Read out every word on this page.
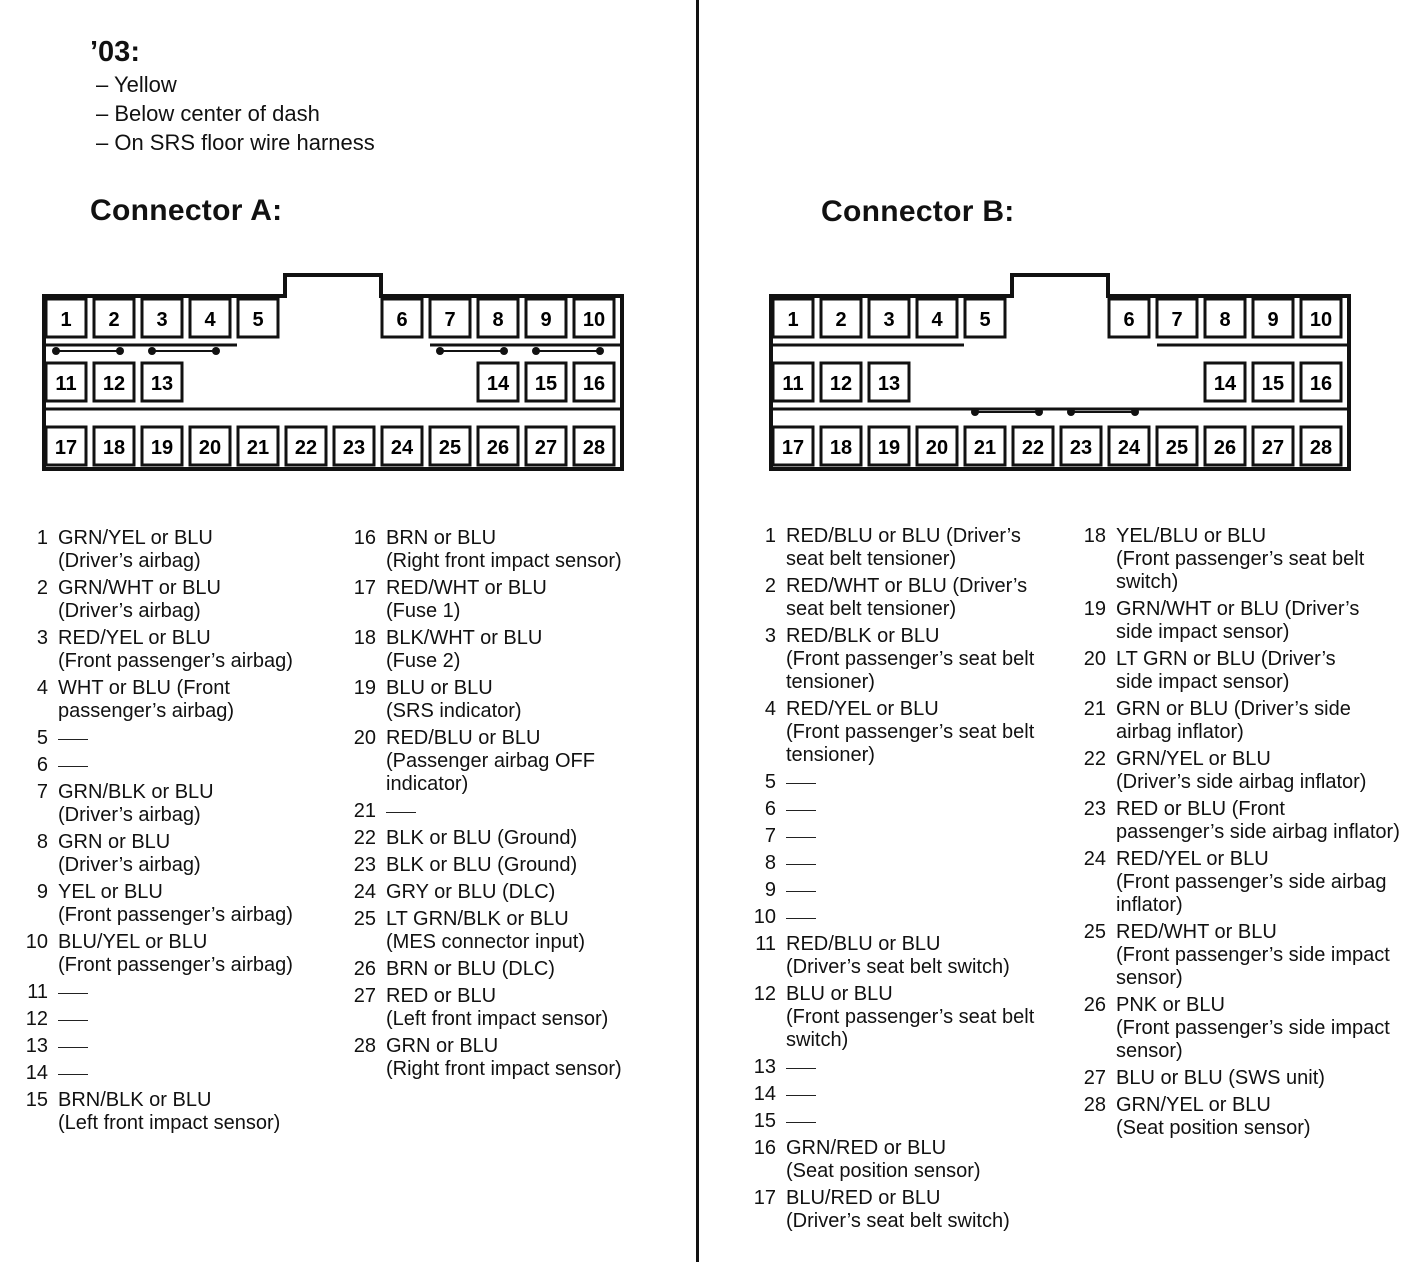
’03:
– Yellow
– Below center of dash
– On SRS floor wire harness
Connector A:	Connector B:
1 2 3 4 5	6 7 8 9 10
11 12 13	14 15 16
17 18 19 20 21 22 23 24 25 26 27 28
1 2 3 4 5	6 7 8 9 10
11 12 13	14 15 16
17 18 19 20 21 22 23 24 25 26 27 28
1 GRN/YEL or BLU
(Driver’s airbag)
2 GRN/WHT or BLU
(Driver’s airbag)
3 RED/YEL or BLU
(Front passenger’s airbag)
4 WHT or BLU (Front
passenger’s airbag)
5
6
7 GRN/BLK or BLU
(Driver’s airbag)
8 GRN or BLU
(Driver’s airbag)
9 YEL or BLU
(Front passenger’s airbag)
10 BLU/YEL or BLU
(Front passenger’s airbag)
11
12
13
14
15 BRN/BLK or BLU
(Left front impact sensor)
16 BRN or BLU
(Right front impact sensor)
17 RED/WHT or BLU
(Fuse 1)
18 BLK/WHT or BLU
(Fuse 2)
19 BLU or BLU
(SRS indicator)
20 RED/BLU or BLU
(Passenger airbag OFF indicator)
21
22 BLK or BLU (Ground)
23 BLK or BLU (Ground)
24 GRY or BLU (DLC)
25 LT GRN/BLK or BLU
(MES connector input)
26 BRN or BLU (DLC)
27 RED or BLU
(Left front impact sensor)
28 GRN or BLU
(Right front impact sensor)
1 RED/BLU or BLU (Driver’s
seat belt tensioner)
2 RED/WHT or BLU (Driver’s
seat belt tensioner)
3 RED/BLK or BLU
(Front passenger’s seat belt tensioner)
4 RED/YEL or BLU
(Front passenger’s seat belt tensioner)
5
6
7
8
9
10
11 RED/BLU or BLU
(Driver’s seat belt switch)
12 BLU or BLU
(Front passenger’s seat belt switch)
13
14
15
16 GRN/RED or BLU
(Seat position sensor)
17 BLU/RED or BLU
(Driver’s seat belt switch)
18 YEL/BLU or BLU
(Front passenger’s seat belt switch)
19 GRN/WHT or BLU (Driver’s
side impact sensor)
20 LT GRN or BLU (Driver’s
side impact sensor)
21 GRN or BLU (Driver’s side
airbag inflator)
22 GRN/YEL or BLU
(Driver’s side airbag inflator)
23 RED or BLU (Front
passenger’s side airbag inflator)
24 RED/YEL or BLU
(Front passenger’s side airbag inflator)
25 RED/WHT or BLU
(Front passenger’s side impact sensor)
26 PNK or BLU
(Front passenger’s side impact sensor)
27 BLU or BLU (SWS unit)
28 GRN/YEL or BLU
(Seat position sensor)
